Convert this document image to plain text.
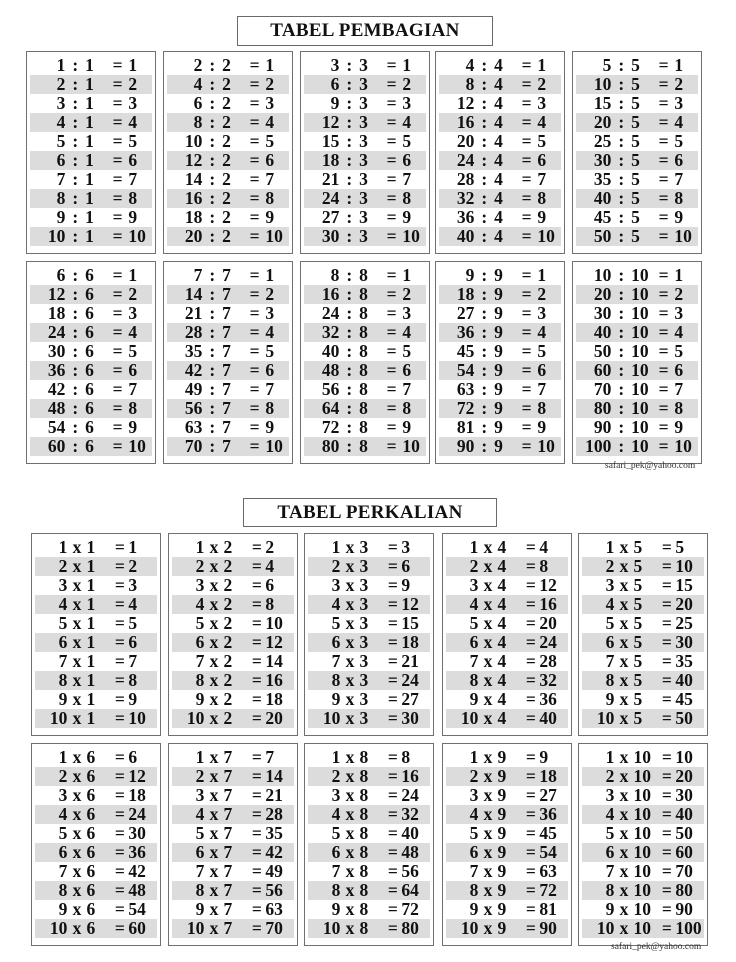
TABEL PEMBAGIAN
1 : 1	= 1
2 : 1	= 2
3 : 1	= 3
4 : 1	= 4
5 : 1	= 5
6 : 1	= 6
7 : 1	= 7
8 : 1	= 8
9 : 1	= 9
10 : 1	= 10
2 : 2	= 1
4 : 2	= 2
6 : 2	= 3
8 : 2	= 4
10 : 2	= 5
12 : 2	= 6
14 : 2	= 7
16 : 2	= 8
18 : 2	= 9
20 : 2	= 10
3 : 3	= 1
6 : 3	= 2
9 : 3	= 3
12 : 3	= 4
15 : 3	= 5
18 : 3	= 6
21 : 3	= 7
24 : 3	= 8
27 : 3	= 9
30 : 3	= 10
4 : 4	= 1
8 : 4	= 2
12 : 4	= 3
16 : 4	= 4
20 : 4	= 5
24 : 4	= 6
28 : 4	= 7
32 : 4	= 8
36 : 4	= 9
40 : 4	= 10
5 : 5	= 1
10 : 5	= 2
15 : 5	= 3
20 : 5	= 4
25 : 5	= 5
30 : 5	= 6
35 : 5	= 7
40 : 5	= 8
45 : 5	= 9
50 : 5	= 10
6 : 6	= 1
12 : 6	= 2
18 : 6	= 3
24 : 6	= 4
30 : 6	= 5
36 : 6	= 6
42 : 6	= 7
48 : 6	= 8
54 : 6	= 9
60 : 6	= 10
7 : 7	= 1
14 : 7	= 2
21 : 7	= 3
28 : 7	= 4
35 : 7	= 5
42 : 7	= 6
49 : 7	= 7
56 : 7	= 8
63 : 7	= 9
70 : 7	= 10
8 : 8	= 1
16 : 8	= 2
24 : 8	= 3
32 : 8	= 4
40 : 8	= 5
48 : 8	= 6
56 : 8	= 7
64 : 8	= 8
72 : 8	= 9
80 : 8	= 10
9 : 9	= 1
18 : 9	= 2
27 : 9	= 3
36 : 9	= 4
45 : 9	= 5
54 : 9	= 6
63 : 9	= 7
72 : 9	= 8
81 : 9	= 9
90 : 9	= 10
10 : 10 = 1
20 : 10 = 2
30 : 10 = 3
40 : 10 = 4
50 : 10 = 5
60 : 10 = 6
70 : 10 = 7
80 : 10 = 8
90 : 10 = 9
100 : 10 = 10
safari_pek@yahoo.com
TABEL PERKALIAN
1 x 1	= 1
2 x 1	= 2
3 x 1	= 3
4 x 1	= 4
5 x 1	= 5
6 x 1	= 6
7 x 1	= 7
8 x 1	= 8
9 x 1	= 9
10 x 1	= 10
1 x 2	= 2
2 x 2	= 4
3 x 2	= 6
4 x 2	= 8
5 x 2	= 10
6 x 2	= 12
7 x 2	= 14
8 x 2	= 16
9 x 2	= 18
10 x 2	= 20
1 x 3	= 3
2 x 3	= 6
3 x 3	= 9
4 x 3	= 12
5 x 3	= 15
6 x 3	= 18
7 x 3	= 21
8 x 3	= 24
9 x 3	= 27
10 x 3	= 30
1 x 4	= 4
2 x 4	= 8
3 x 4	= 12
4 x 4	= 16
5 x 4	= 20
6 x 4	= 24
7 x 4	= 28
8 x 4	= 32
9 x 4	= 36
10 x 4	= 40
1 x 5	= 5
2 x 5	= 10
3 x 5	= 15
4 x 5	= 20
5 x 5	= 25
6 x 5	= 30
7 x 5	= 35
8 x 5	= 40
9 x 5	= 45
10 x 5	= 50
1 x 6	= 6
2 x 6	= 12
3 x 6	= 18
4 x 6	= 24
5 x 6	= 30
6 x 6	= 36
7 x 6	= 42
8 x 6	= 48
9 x 6	= 54
10 x 6	= 60
1 x 7	= 7
2 x 7	= 14
3 x 7	= 21
4 x 7	= 28
5 x 7	= 35
6 x 7	= 42
7 x 7	= 49
8 x 7	= 56
9 x 7	= 63
10 x 7	= 70
1 x 8	= 8
2 x 8	= 16
3 x 8	= 24
4 x 8	= 32
5 x 8	= 40
6 x 8	= 48
7 x 8	= 56
8 x 8	= 64
9 x 8	= 72
10 x 8	= 80
1 x 9	= 9
2 x 9	= 18
3 x 9	= 27
4 x 9	= 36
5 x 9	= 45
6 x 9	= 54
7 x 9	= 63
8 x 9	= 72
9 x 9	= 81
10 x 9	= 90
1 x 10 = 10
2 x 10 = 20
3 x 10 = 30
4 x 10 = 40
5 x 10 = 50
6 x 10 = 60
7 x 10 = 70
8 x 10 = 80
9 x 10 = 90
10 x 10 = 100
safari_pek@yahoo.com
